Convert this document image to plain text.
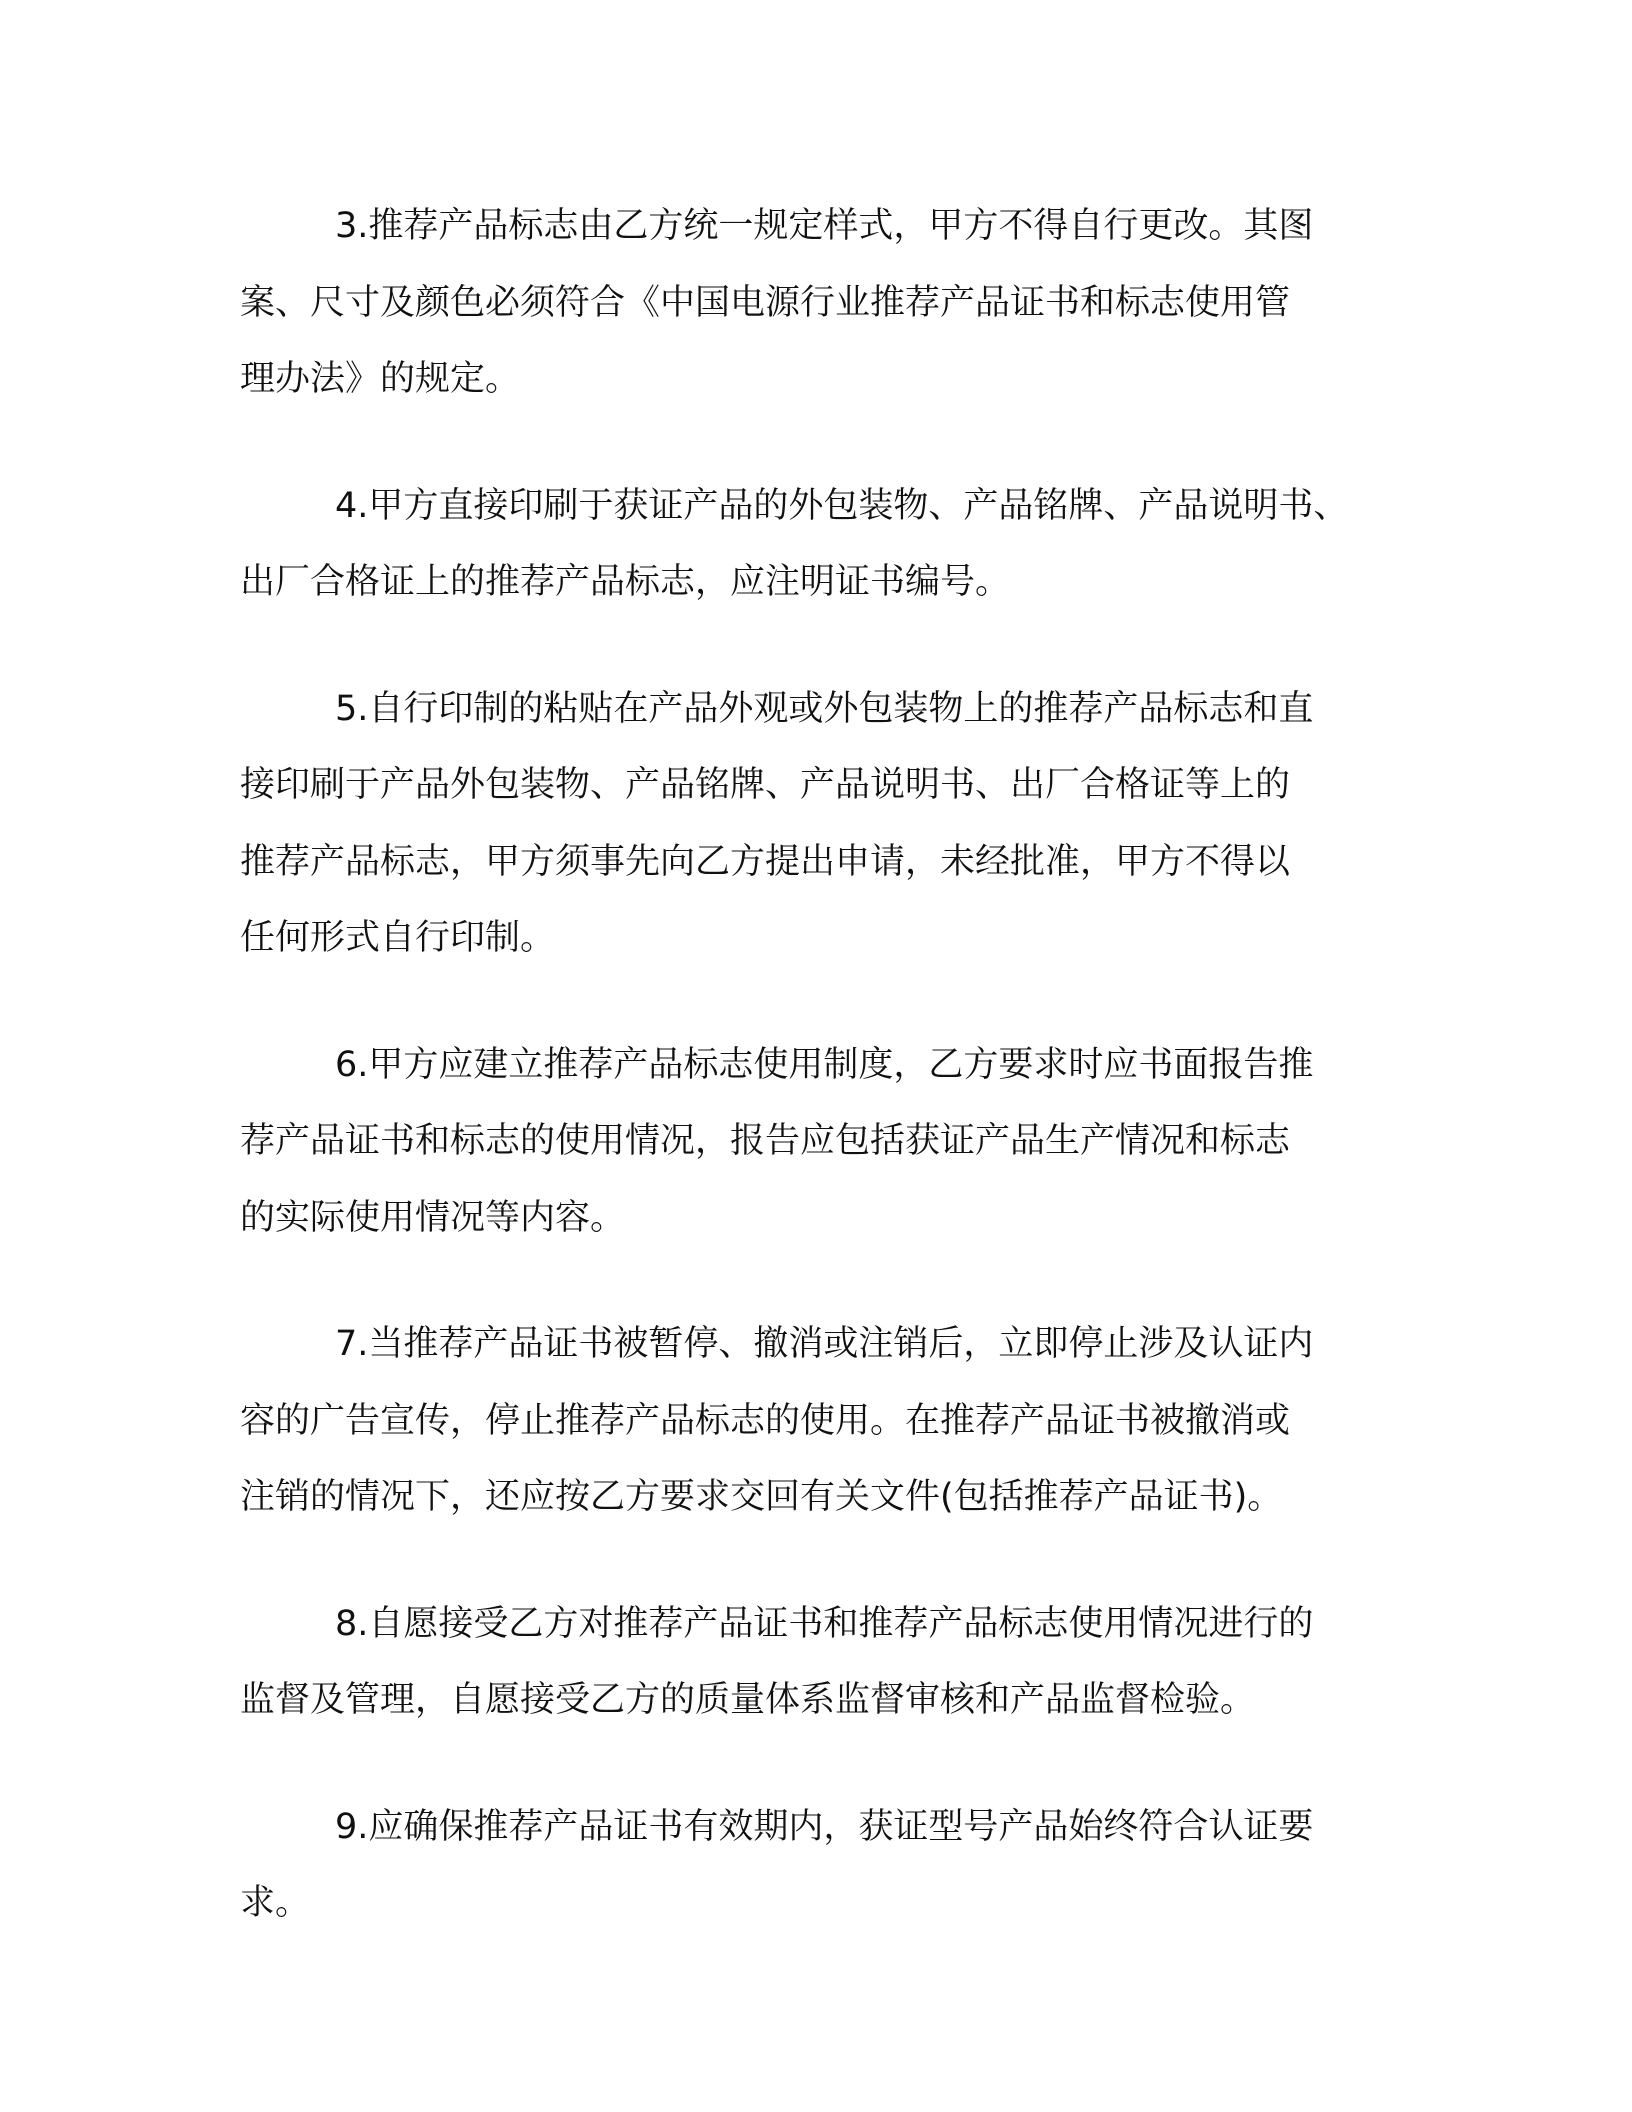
3.推荐产品标志由乙方统一规定样式，甲方不得自行更改。其图
案、尺寸及颜色必须符合《中国电源行业推荐产品证书和标志使用管
理办法》的规定。

4.甲方直接印刷于获证产品的外包装物、产品铭牌、产品说明书、
出厂合格证上的推荐产品标志，应注明证书编号。

5.自行印制的粘贴在产品外观或外包装物上的推荐产品标志和直
接印刷于产品外包装物、产品铭牌、产品说明书、出厂合格证等上的
推荐产品标志，甲方须事先向乙方提出申请，未经批准，甲方不得以
任何形式自行印制。

6.甲方应建立推荐产品标志使用制度，乙方要求时应书面报告推
荐产品证书和标志的使用情况，报告应包括获证产品生产情况和标志
的实际使用情况等内容。

7.当推荐产品证书被暂停、撤消或注销后，立即停止涉及认证内
容的广告宣传，停止推荐产品标志的使用。在推荐产品证书被撤消或
注销的情况下，还应按乙方要求交回有关文件(包括推荐产品证书)。

8.自愿接受乙方对推荐产品证书和推荐产品标志使用情况进行的
监督及管理，自愿接受乙方的质量体系监督审核和产品监督检验。

9.应确保推荐产品证书有效期内，获证型号产品始终符合认证要
求。
